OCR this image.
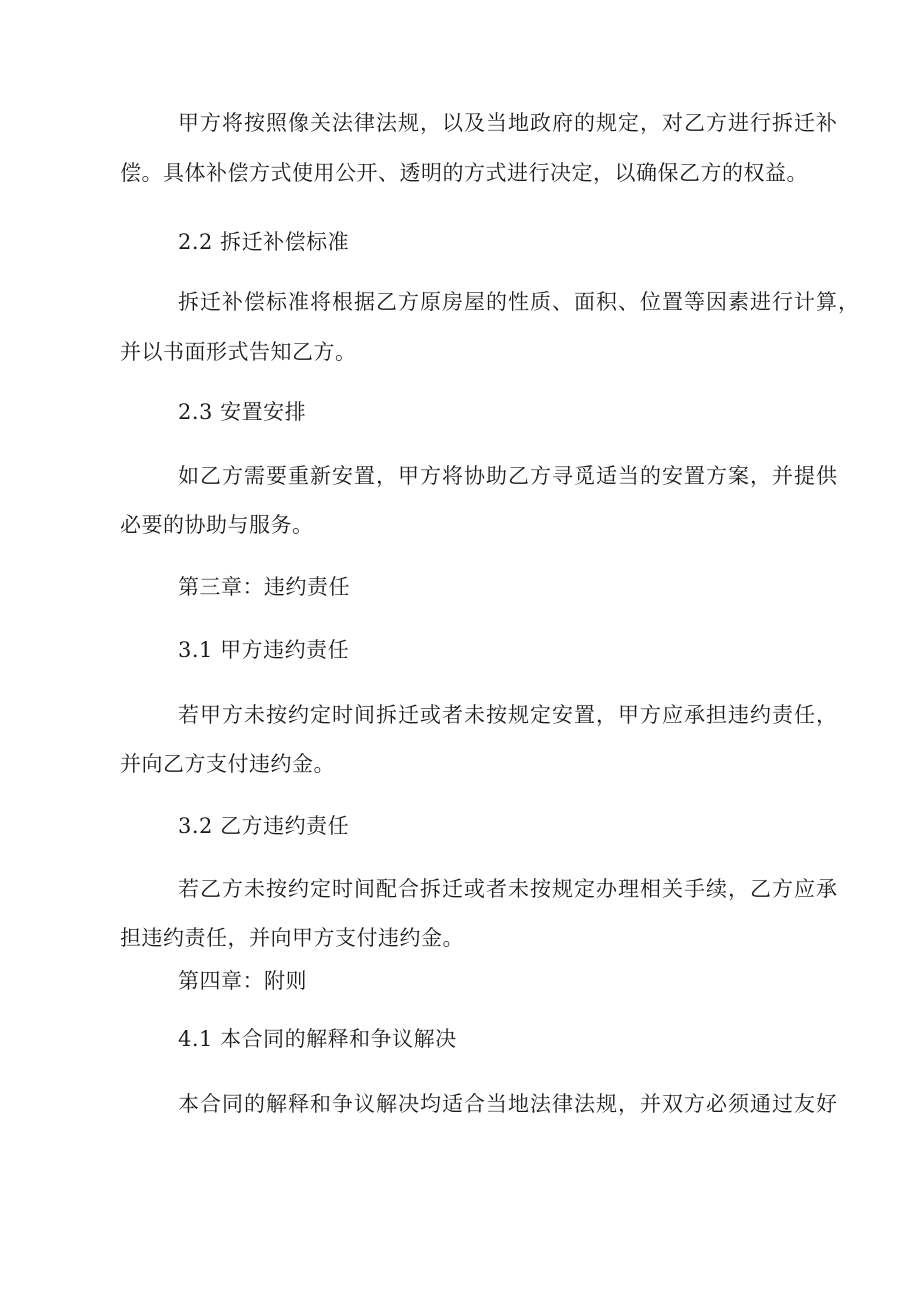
甲方将按照像关法律法规，以及当地政府的规定，对乙方进行拆迁补
偿。具体补偿方式使用公开、透明的方式进行决定，以确保乙方的权益。
2.2 拆迁补偿标准
拆迁补偿标准将根据乙方原房屋的性质、面积、位置等因素进行计算，
并以书面形式告知乙方。
2.3 安置安排
如乙方需要重新安置，甲方将协助乙方寻觅适当的安置方案，并提供
必要的协助与服务。
第三章：违约责任
3.1 甲方违约责任
若甲方未按约定时间拆迁或者未按规定安置，甲方应承担违约责任，
并向乙方支付违约金。
3.2 乙方违约责任
若乙方未按约定时间配合拆迁或者未按规定办理相关手续，乙方应承
担违约责任，并向甲方支付违约金。
第四章：附则
4.1 本合同的解释和争议解决
本合同的解释和争议解决均适合当地法律法规，并双方必须通过友好
